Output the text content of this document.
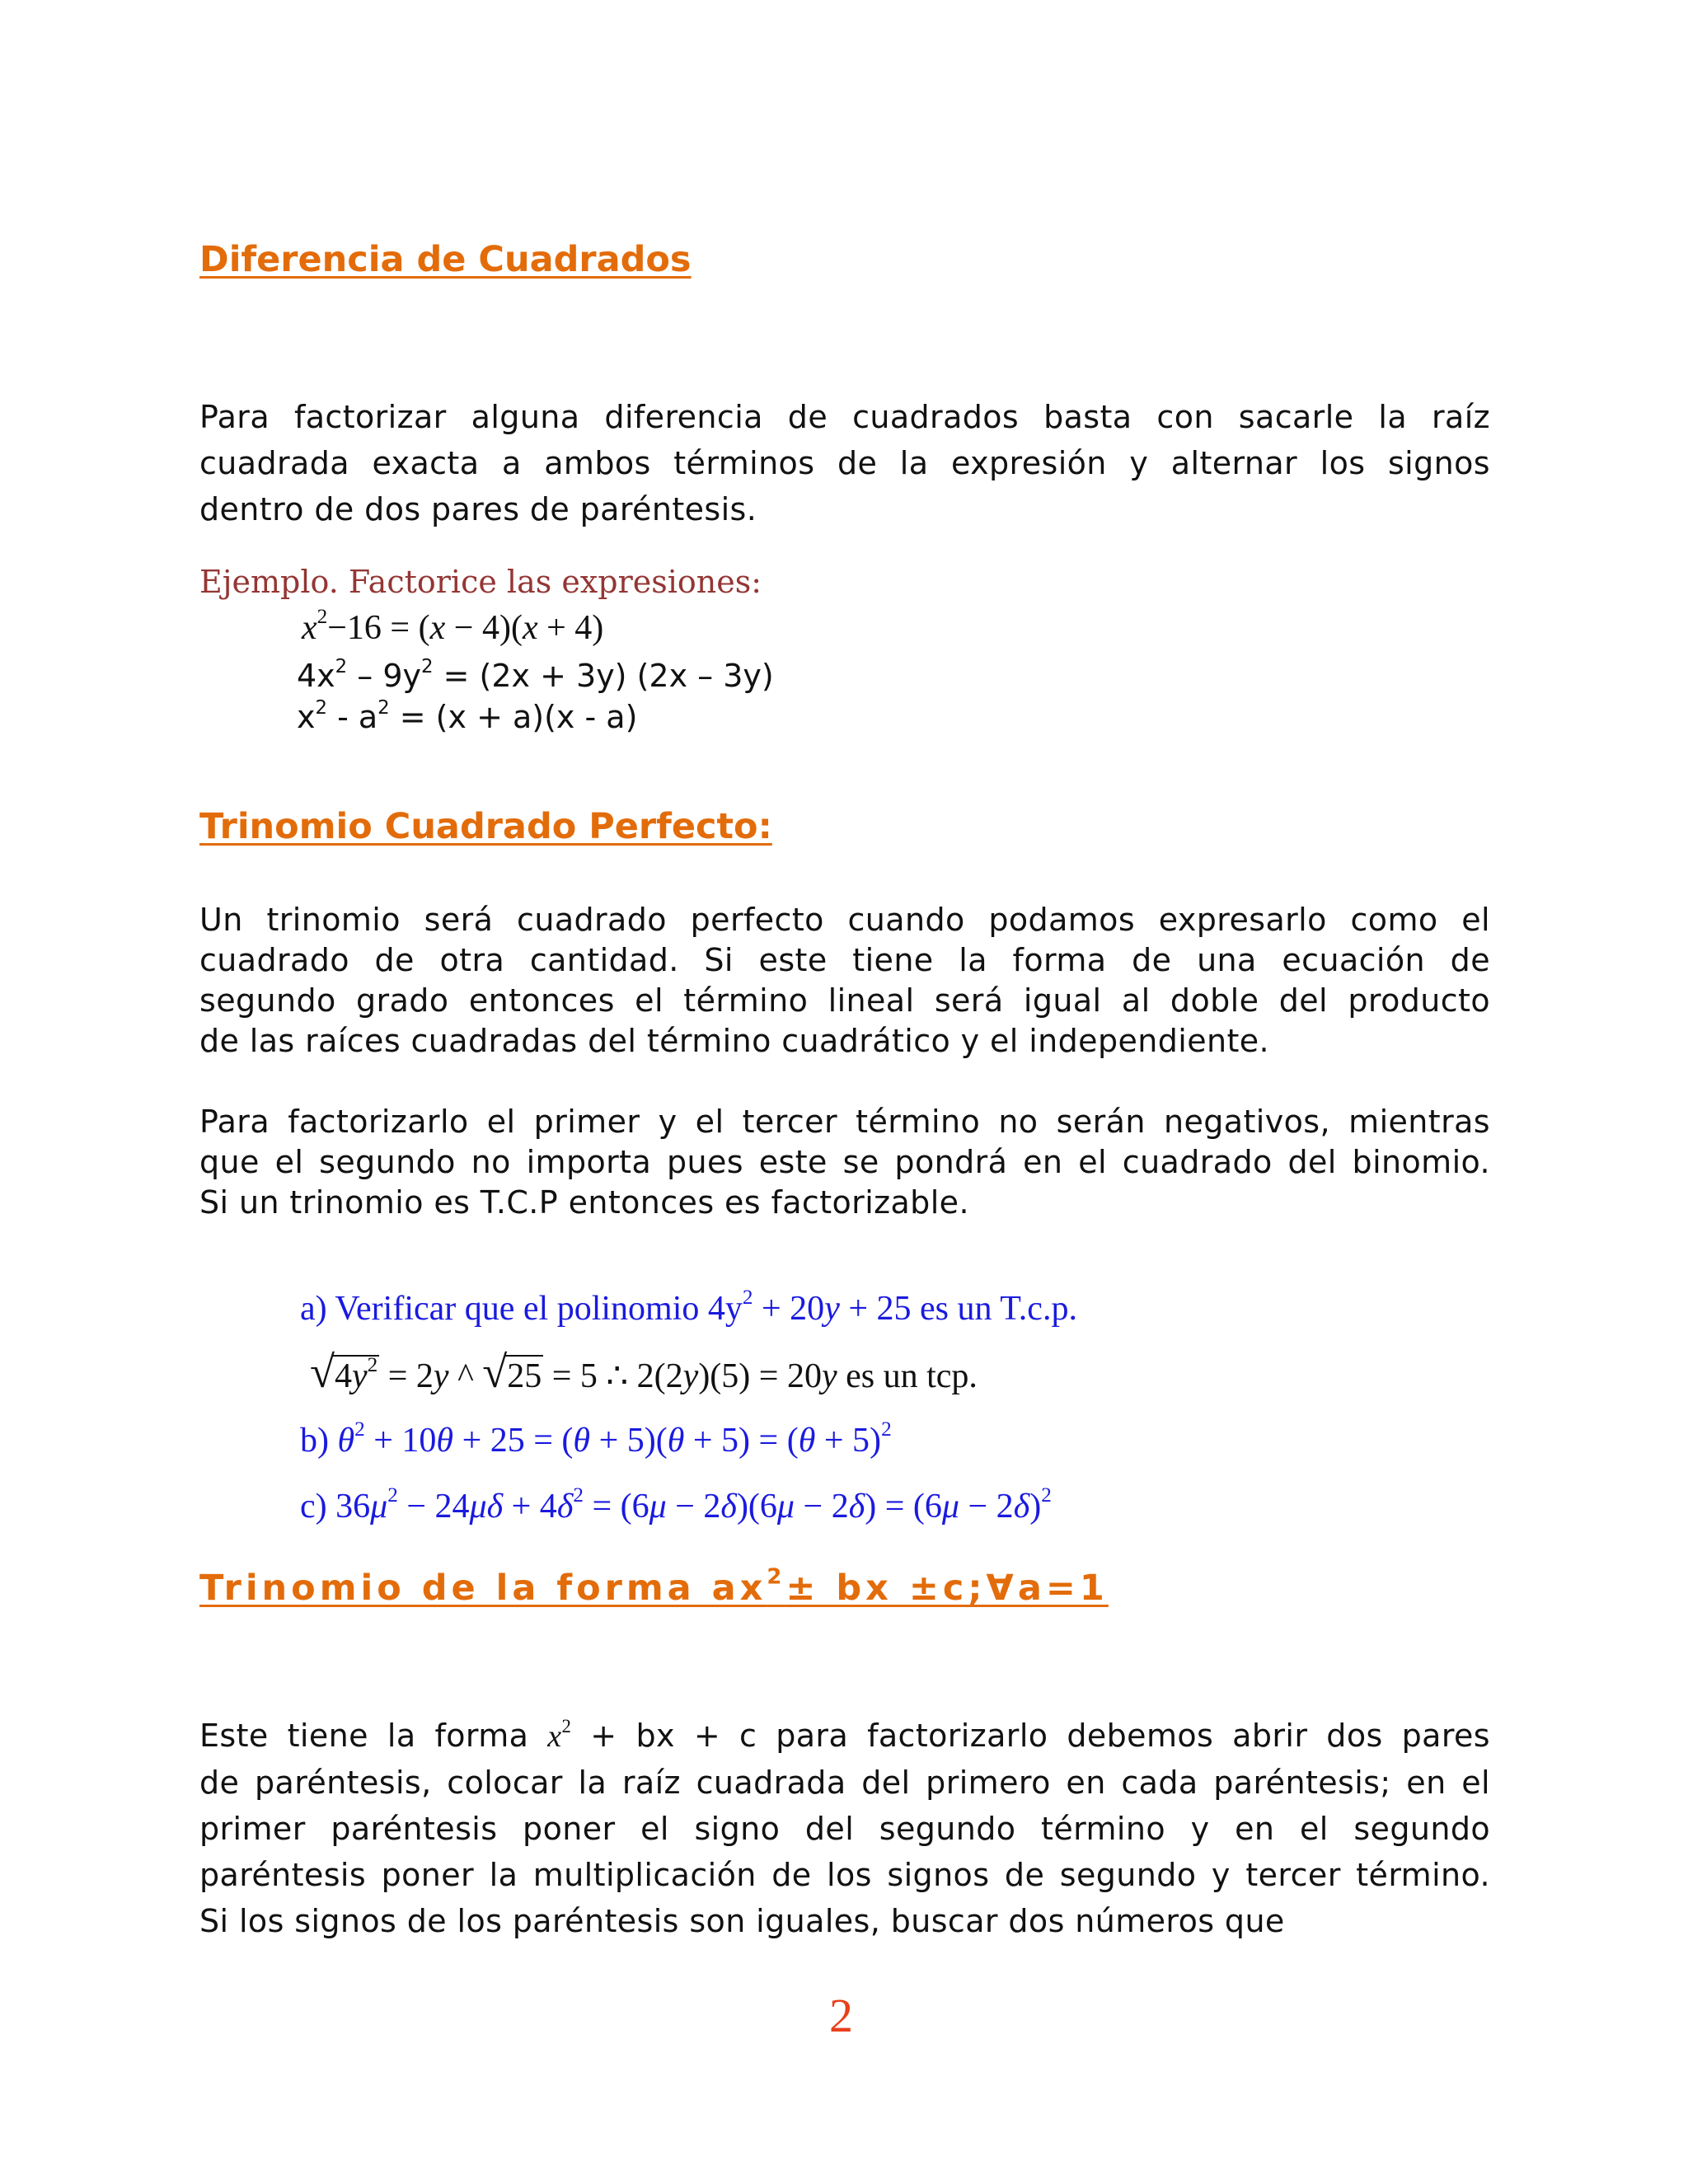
Diferencia de Cuadrados
Para factorizar alguna diferencia de cuadrados basta con sacarle la raíz
cuadrada exacta a ambos términos de la expresión y alternar los signos
dentro de dos pares de paréntesis.
Ejemplo. Factorice las expresiones:
$x^2-16 = (x - 4)(x + 4)$
$4x^2 - 9y^2 = (2x + 3y)$ (2x – 3y)
$x^2 - a^2 = (x + a)(x - a)$
Trinomio Cuadrado Perfecto:
Un trinomio será cuadrado perfecto cuando podamos expresarlo como el
cuadrado de otra cantidad. Si este tiene la forma de una ecuación de
segundo grado entonces el término lineal será igual al doble del producto
de las raíces cuadradas del término cuadrático y el independiente.
Para factorizarlo el primer y el tercer término no serán negativos, mientras
que el segundo no importa pues este se pondrá en el cuadrado del binomio.
Si un trinomio es T.C.P entonces es factorizable.
a) Verificar que el polinomio $4y^2 + 20y + 25$ es un T.c.p.
$√4y^2 = 2y$ ^ √25 = 5 ∴ 2(2y)(5) = 20y es un tcp.
b) $\theta^2 + 10\theta + 25 = (\theta + 5)(\theta + 5) = (\theta + 5)^2$
c) $36\mu^2 - 24\mu\delta + 4\delta^2 = (6\mu - 2\delta)(6\mu - 2\delta) = (6\mu - 2\delta)^2$
Trinomio de la forma $ax^2\pm$ bx ±c;∀a=1
Este tiene la forma $x^2$ + bx + c para factorizarlo debemos abrir dos pares
de paréntesis, colocar la raíz cuadrada del primero en cada paréntesis; en el
primer paréntesis poner el signo del segundo término y en el segundo
paréntesis poner la multiplicación de los signos de segundo y tercer término.
Si los signos de los paréntesis son iguales, buscar dos números que
2
